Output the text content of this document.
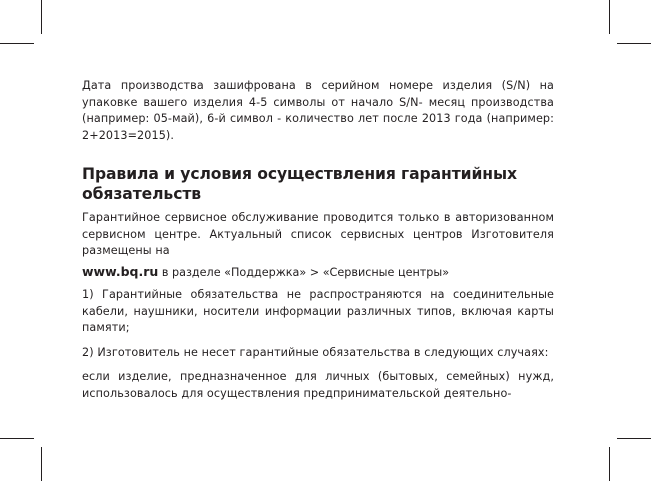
Дата производства зашифрована в серийном номере изделия (S/N) на упаковке вашего изделия 4-5 символы от начало S/N- месяц производства (например: 05-май), 6-й символ - количество лет после 2013 года (например: 2+2013=2015).

Правила и условия осуществления гарантийных обязательств

Гарантийное сервисное обслуживание проводится только в авторизованном сервисном центре. Актуальный список сервисных центров Изготовителя размещены на

www.bq.ru в разделе «Поддержка» > «Сервисные центры»

1) Гарантийные обязательства не распространяются на соединительные кабели, наушники, носители информации различных типов, включая карты памяти;

2) Изготовитель не несет гарантийные обязательства в следующих случаях:

если изделие, предназначенное для личных (бытовых, семейных) нужд, использовалось для осуществления предпринимательской деятельно-
